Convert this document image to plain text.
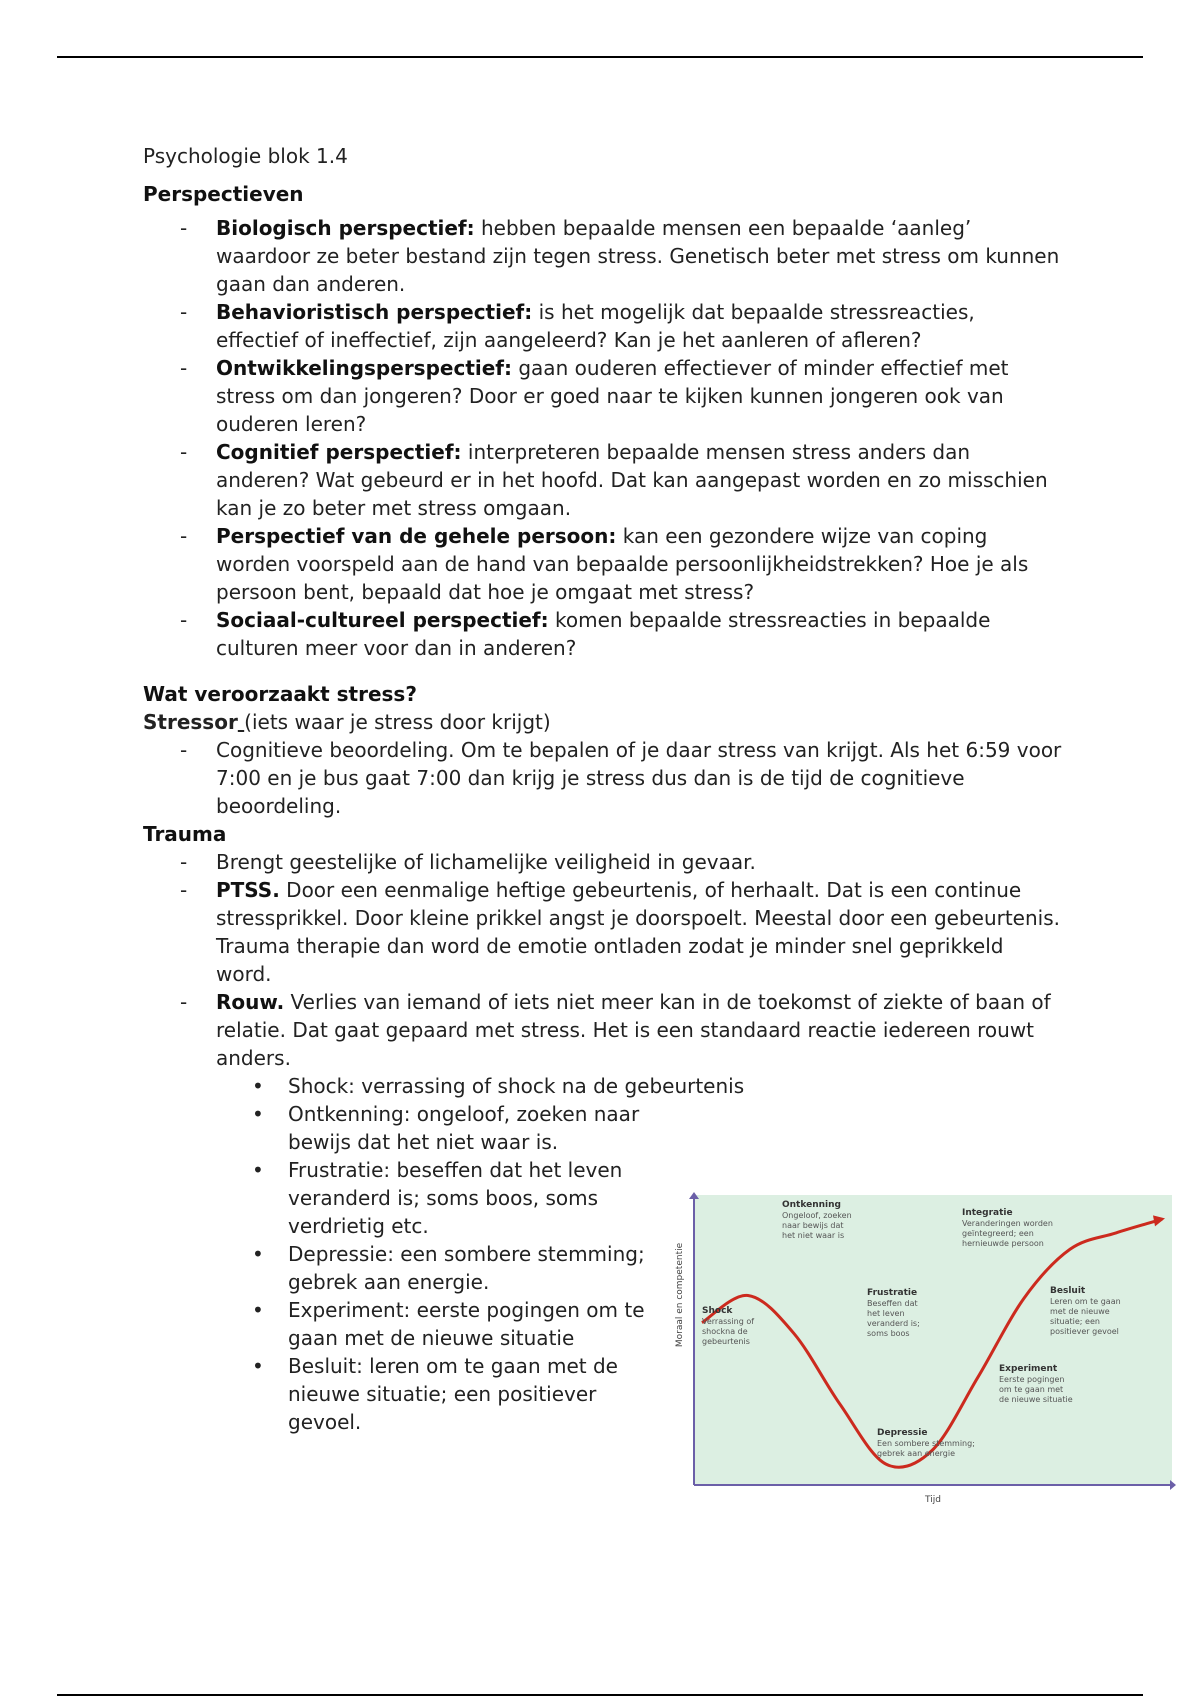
Psychologie blok 1.4
Perspectieven
- Biologisch perspectief: hebben bepaalde mensen een bepaalde ‘aanleg’ waardoor ze beter bestand zijn tegen stress. Genetisch beter met stress om kunnen gaan dan anderen.
- Behavioristisch perspectief: is het mogelijk dat bepaalde stressreacties, effectief of ineffectief, zijn aangeleerd? Kan je het aanleren of afleren?
- Ontwikkelingsperspectief: gaan ouderen effectiever of minder effectief met stress om dan jongeren? Door er goed naar te kijken kunnen jongeren ook van ouderen leren?
- Cognitief perspectief: interpreteren bepaalde mensen stress anders dan anderen? Wat gebeurd er in het hoofd. Dat kan aangepast worden en zo misschien kan je zo beter met stress omgaan.
- Perspectief van de gehele persoon: kan een gezondere wijze van coping worden voorspeld aan de hand van bepaalde persoonlijkheidstrekken? Hoe je als persoon bent, bepaald dat hoe je omgaat met stress?
- Sociaal-cultureel perspectief: komen bepaalde stressreacties in bepaalde culturen meer voor dan in anderen?
Wat veroorzaakt stress?
Stressor (iets waar je stress door krijgt)
- Cognitieve beoordeling. Om te bepalen of je daar stress van krijgt. Als het 6:59 voor 7:00 en je bus gaat 7:00 dan krijg je stress dus dan is de tijd de cognitieve beoordeling.
Trauma
- Brengt geestelijke of lichamelijke veiligheid in gevaar.
- PTSS. Door een eenmalige heftige gebeurtenis, of herhaalt. Dat is een continue stressprikkel. Door kleine prikkel angst je doorspoelt. Meestal door een gebeurtenis. Trauma therapie dan word de emotie ontladen zodat je minder snel geprikkeld word.
- Rouw. Verlies van iemand of iets niet meer kan in de toekomst of ziekte of baan of relatie. Dat gaat gepaard met stress. Het is een standaard reactie iedereen rouwt anders.
• Shock: verrassing of shock na de gebeurtenis
• Ontkenning: ongeloof, zoeken naar bewijs dat het niet waar is.
• Frustratie: beseffen dat het leven veranderd is; soms boos, soms verdrietig etc.
• Depressie: een sombere stemming; gebrek aan energie.
• Experiment: eerste pogingen om te gaan met de nieuwe situatie
• Besluit: leren om te gaan met de nieuwe situatie; een positiever gevoel.
Shock
Verrassing of
shockna de
gebeurtenis
Ontkenning
Ongeloof, zoeken
naar bewijs dat
het niet waar is
Frustratie
Beseffen dat
het leven
veranderd is;
soms boos
Depressie
Een sombere stemming;
gebrek aan energie
Experiment
Eerste pogingen
om te gaan met
de nieuwe situatie
Besluit
Leren om te gaan
met de nieuwe
situatie; een
positiever gevoel
Integratie
Veranderingen worden
geïntegreerd; een
hernieuwde persoon
Tijd
Moraal en competentie
